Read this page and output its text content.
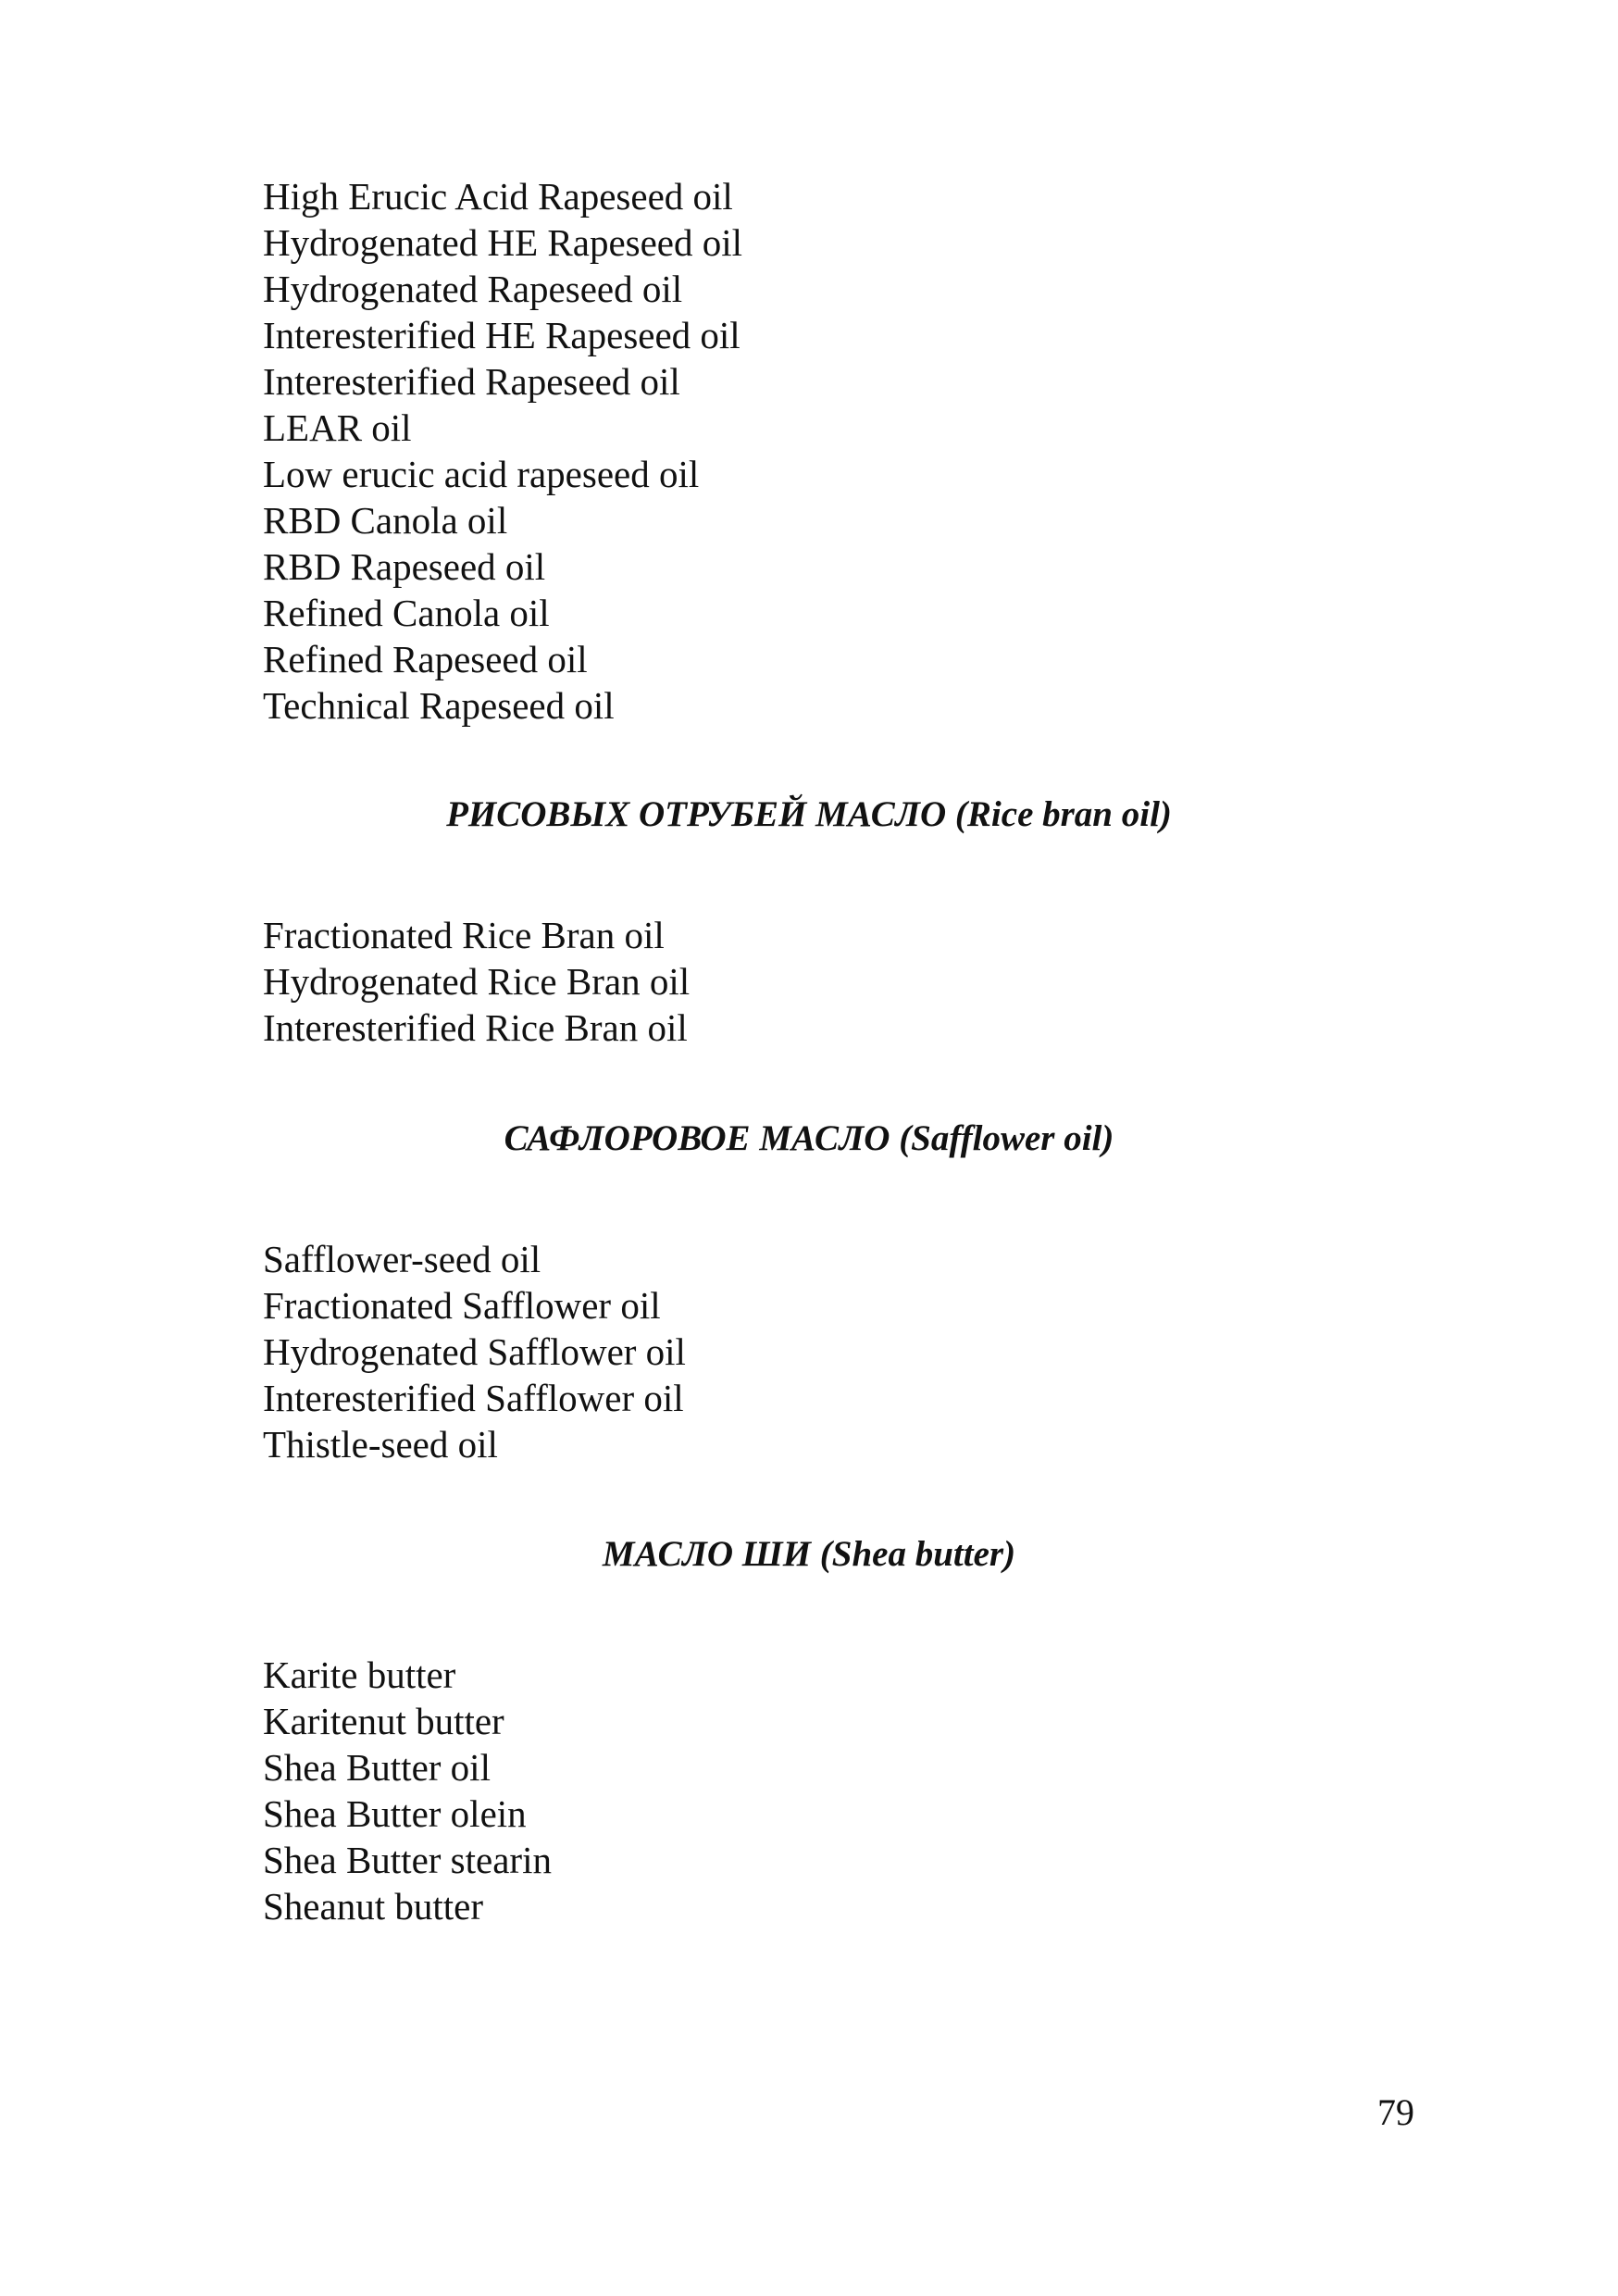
High Erucic Acid Rapeseed oil
Hydrogenated HE Rapeseed oil
Hydrogenated Rapeseed oil
Interesterified HE Rapeseed oil
Interesterified Rapeseed oil
LEAR oil
Low erucic acid rapeseed oil
RBD Canola oil
RBD Rapeseed oil
Refined Canola oil
Refined Rapeseed oil
Technical Rapeseed oil
РИСОВЫХ ОТРУБЕЙ МАСЛО (Rice bran oil)
Fractionated Rice Bran oil
Hydrogenated Rice Bran oil
Interesterified Rice Bran oil
САФЛОРОВОЕ МАСЛО (Safflower oil)
Safflower-seed oil
Fractionated Safflower oil
Hydrogenated Safflower oil
Interesterified Safflower oil
Thistle-seed oil
МАСЛО ШИ (Shea butter)
Karite butter
Karitenut butter
Shea Butter oil
Shea Butter olein
Shea Butter stearin
Sheanut butter
79
